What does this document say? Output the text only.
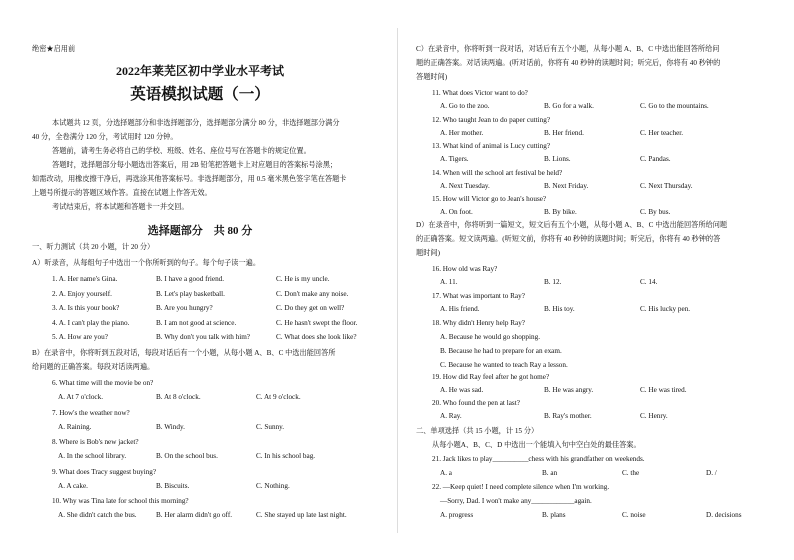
绝密★启用前
2022年莱芜区初中学业水平考试
英语模拟试题（一）
本试题共 12 页，分选择题部分和非选择题部分，选择题部分满分 80 分，非选择题部分满分
40 分，全卷满分 120 分，考试用时 120 分钟。
答题前，请考生务必将自己的学校、班级、姓名、座位号写在答题卡的规定位置。
答题时，选择题部分每小题选出答案后，用 2B 铅笔把答题卡上对应题目的答案标号涂黑；
如需改动，用橡皮擦干净后，再选涂其他答案标号。非选择题部分，用 0.5 毫米黑色签字笔在答题卡
上题号所提示的答题区域作答。直接在试题上作答无效。
考试结束后，将本试题和答题卡一并交回。
选择题部分　共 80 分
一、听力测试（共 20 小题，计 20 分）
A）听录音，从每组句子中选出一个你所听到的句子。每个句子读一遍。
1. A. Her name's Gina.	B. I have a good friend.	C. He is my uncle.
2. A. Enjoy yourself.	B. Let's play basketball.	C. Don't make any noise.
3. A. Is this your book?	B. Are you hungry?	C. Do they get on well?
4. A. I can't play the piano.	B. I am not good at science.	C. He hasn't swept the floor.
5. A. How are you?	B. Why don't you talk with him?	C. What does she look like?
B）在录音中，你将听到五段对话，每段对话后有一个小题，从每小题 A、B、C 中选出能回答所
给问题的正确答案。每段对话读两遍。
6. What time will the movie be on?
A. At 7 o'clock.	B. At 8 o'clock.	C. At 9 o'clock.
7. How's the weather now?
A. Raining.	B. Windy.	C. Sunny.
8. Where is Bob's new jacket?
A. In the school library.	B. On the school bus.	C. In his school bag.
9. What does Tracy suggest buying?
A. A cake.	B. Biscuits.	C. Nothing.
10. Why was Tina late for school this morning?
A. She didn't catch the bus.	B. Her alarm didn't go off.	C. She stayed up late last night.
C）在录音中，你将听到一段对话，对话后有五个小题，从每小题 A、B、C 中选出能回答所给问
题的正确答案。对话读两遍。(听对话前，你将有 40 秒钟的读题时间；听完后，你将有 40 秒钟的
答题时间)
11. What does Victor want to do?
A. Go to the zoo.	B. Go for a walk.	C. Go to the mountains.
12. Who taught Jean to do paper cutting?
A. Her mother.	B. Her friend.	C. Her teacher.
13. What kind of animal is Lucy cutting?
A. Tigers.	B. Lions.	C. Pandas.
14. When will the school art festival be held?
A. Next Tuesday.	B. Next Friday.	C. Next Thursday.
15. How will Victor go to Jean's house?
A. On foot.	B. By bike.	C. By bus.
D）在录音中，你将听到一篇短文，短文后有五个小题，从每小题 A、B、C 中选出能回答所给问题
的正确答案。短文读两遍。(听短文前，你将有 40 秒钟的读题时间；听完后，你将有 40 秒钟的答
题时间)
16. How old was Ray?
A. 11.	B. 12.	C. 14.
17. What was important to Ray?
A. His friend.	B. His toy.	C. His lucky pen.
18. Why didn't Henry help Ray?
A. Because he would go shopping.
B. Because he had to prepare for an exam.
C. Because he wanted to teach Ray a lesson.
19. How did Ray feel after he got home?
A. He was sad.	B. He was angry.	C. He was tired.
20. Who found the pen at last?
A. Ray.	B. Ray's mother.	C. Henry.
二、单项选择（共 15 小题，计 15 分）
从每小题A、B、C、D 中选出一个能填入句中空白处的最佳答案。
21. Jack likes to play__________chess with his grandfather on weekends.
A. a	B. an	C. the	D. /
22. —Keep quiet! I need complete silence when I'm working.
—Sorry, Dad. I won't make any____________again.
A. progress	B. plans	C. noise	D. decisions
